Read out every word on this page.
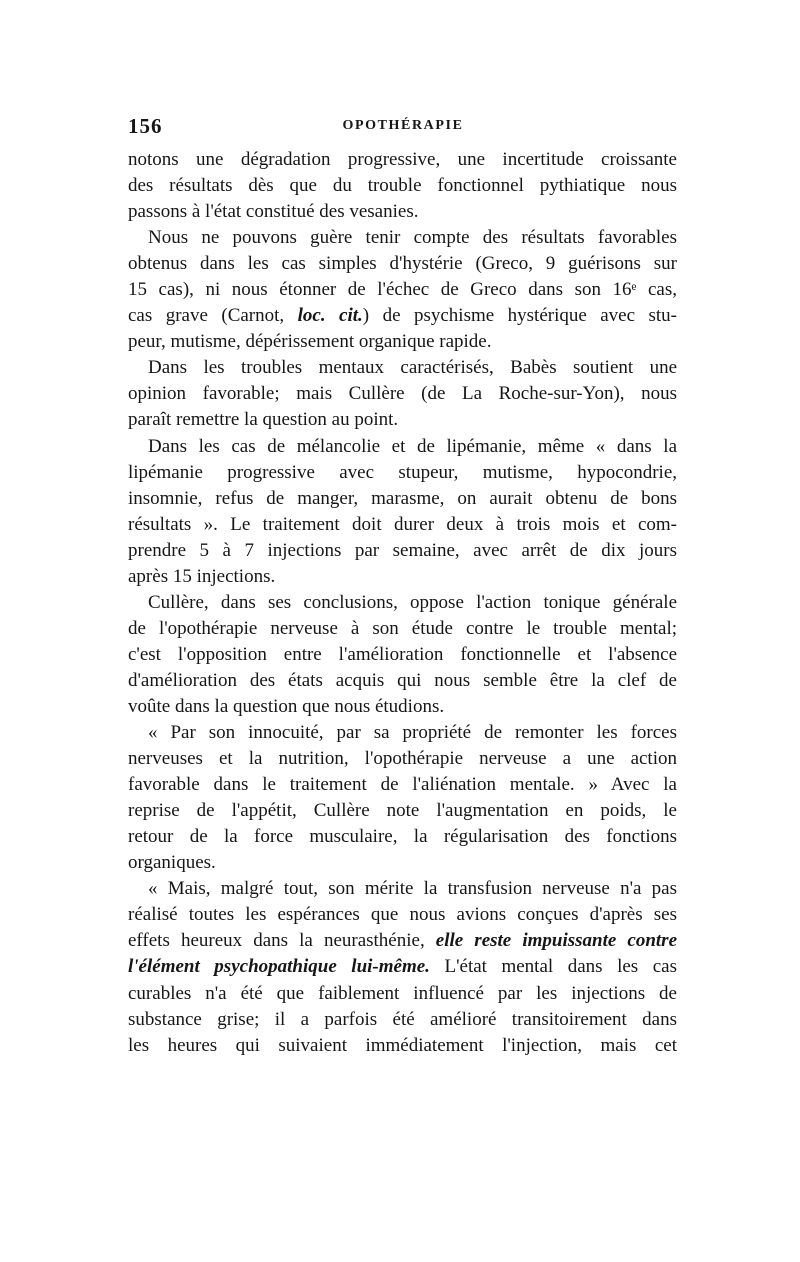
156	OPOTHÉRAPIE
notons une dégradation progressive, une incertitude croissante
des résultats dès que du trouble fonctionnel pythiatique nous
passons à l'état constitué des vesanies.
Nous ne pouvons guère tenir compte des résultats favorables
obtenus dans les cas simples d'hystérie (Greco, 9 guérisons sur
15 cas), ni nous étonner de l'échec de Greco dans son 16ᵉ cas,
cas grave (Carnot, loc. cit.) de psychisme hystérique avec stu-
peur, mutisme, dépérissement organique rapide.
Dans les troubles mentaux caractérisés, Babès soutient une
opinion favorable; mais Cullère (de La Roche-sur-Yon), nous
paraît remettre la question au point.
Dans les cas de mélancolie et de lipémanie, même « dans la
lipémanie progressive avec stupeur, mutisme, hypocondrie,
insomnie, refus de manger, marasme, on aurait obtenu de bons
résultats ». Le traitement doit durer deux à trois mois et com-
prendre 5 à 7 injections par semaine, avec arrêt de dix jours
après 15 injections.
Cullère, dans ses conclusions, oppose l'action tonique générale
de l'opothérapie nerveuse à son étude contre le trouble mental;
c'est l'opposition entre l'amélioration fonctionnelle et l'absence
d'amélioration des états acquis qui nous semble être la clef de
voûte dans la question que nous étudions.
« Par son innocuité, par sa propriété de remonter les forces
nerveuses et la nutrition, l'opothérapie nerveuse a une action
favorable dans le traitement de l'aliénation mentale. » Avec la
reprise de l'appétit, Cullère note l'augmentation en poids, le
retour de la force musculaire, la régularisation des fonctions
organiques.
« Mais, malgré tout, son mérite la transfusion nerveuse n'a pas
réalisé toutes les espérances que nous avions conçues d'après ses
effets heureux dans la neurasthénie, elle reste impuissante contre
l'élément psychopathique lui-même. L'état mental dans les cas
curables n'a été que faiblement influencé par les injections de
substance grise; il a parfois été amélioré transitoirement dans
les heures qui suivaient immédiatement l'injection, mais cet
